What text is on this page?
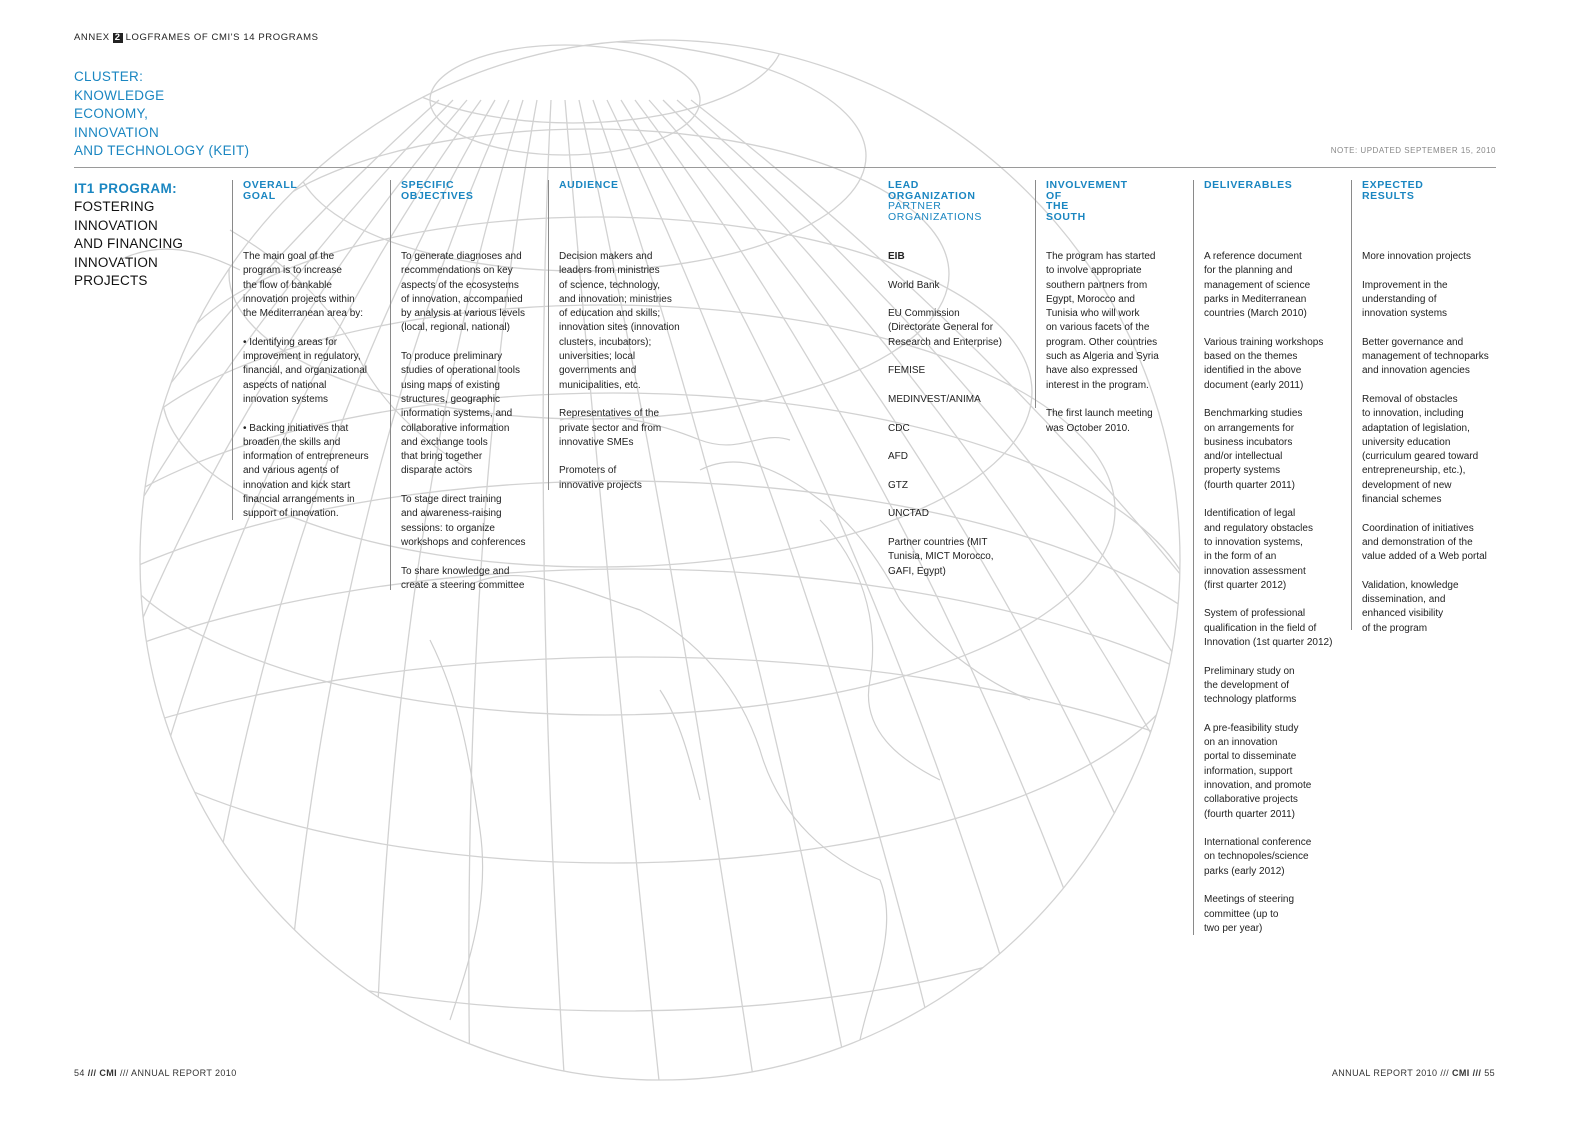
ANNEX 2 LOGFRAMES OF CMI'S 14 PROGRAMS
CLUSTER:
KNOWLEDGE
ECONOMY,
INNOVATION
AND TECHNOLOGY (KEIT)	NOTE: UPDATED SEPTEMBER 15, 2010
IT1 PROGRAM:
FOSTERING
INNOVATION
AND FINANCING
INNOVATION
PROJECTS
OVERALL
GOAL

The main goal of the
program is to increase
the flow of bankable
innovation projects within
the Mediterranean area by:

• Identifying areas for
improvement in regulatory,
financial, and organizational
aspects of national
innovation systems

• Backing initiatives that
broaden the skills and
information of entrepreneurs
and various agents of
innovation and kick start
financial arrangements in
support of innovation.

SPECIFIC
OBJECTIVES

To generate diagnoses and
recommendations on key
aspects of the ecosystems
of innovation, accompanied
by analysis at various levels
(local, regional, national)

To produce preliminary
studies of operational tools
using maps of existing
structures, geographic
information systems, and
collaborative information
and exchange tools
that bring together
disparate actors

To stage direct training
and awareness-raising
sessions: to organize
workshops and conferences

To share knowledge and
create a steering committee

AUDIENCE

Decision makers and
leaders from ministries
of science, technology,
and innovation; ministries
of education and skills;
innovation sites (innovation
clusters, incubators);
universities; local
governments and
municipalities, etc.

Representatives of the
private sector and from
innovative SMEs

Promoters of
innovative projects

LEAD
ORGANIZATION
PARTNER
ORGANIZATIONS

EIB

World Bank

EU Commission
(Directorate General for
Research and Enterprise)

FEMISE

MEDINVEST/ANIMA

CDC

AFD

GTZ

UNCTAD

Partner countries (MIT
Tunisia, MICT Morocco,
GAFI, Egypt)

INVOLVEMENT
OF
THE
SOUTH

The program has started
to involve appropriate
southern partners from
Egypt, Morocco and
Tunisia who will work
on various facets of the
program. Other countries
such as Algeria and Syria
have also expressed
interest in the program.

The first launch meeting
was October 2010.

DELIVERABLES

A reference document
for the planning and
management of science
parks in Mediterranean
countries (March 2010)

Various training workshops
based on the themes
identified in the above
document (early 2011)

Benchmarking studies
on arrangements for
business incubators
and/or intellectual
property systems
(fourth quarter 2011)

Identification of legal
and regulatory obstacles
to innovation systems,
in the form of an
innovation assessment
(first quarter 2012)

System of professional
qualification in the field of
Innovation (1st quarter 2012)

Preliminary study on
the development of
technology platforms

A pre-feasibility study
on an innovation
portal to disseminate
information, support
innovation, and promote
collaborative projects
(fourth quarter 2011)

International conference
on technopoles/science
parks (early 2012)

Meetings of steering
committee (up to
two per year)

EXPECTED
RESULTS

More innovation projects

Improvement in the
understanding of
innovation systems

Better governance and
management of technoparks
and innovation agencies

Removal of obstacles
to innovation, including
adaptation of legislation,
university education
(curriculum geared toward
entrepreneurship, etc.),
development of new
financial schemes

Coordination of initiatives
and demonstration of the
value added of a Web portal

Validation, knowledge
dissemination, and
enhanced visibility
of the program

54 /// CMI /// ANNUAL REPORT 2010	ANNUAL REPORT 2010 /// CMI /// 55
